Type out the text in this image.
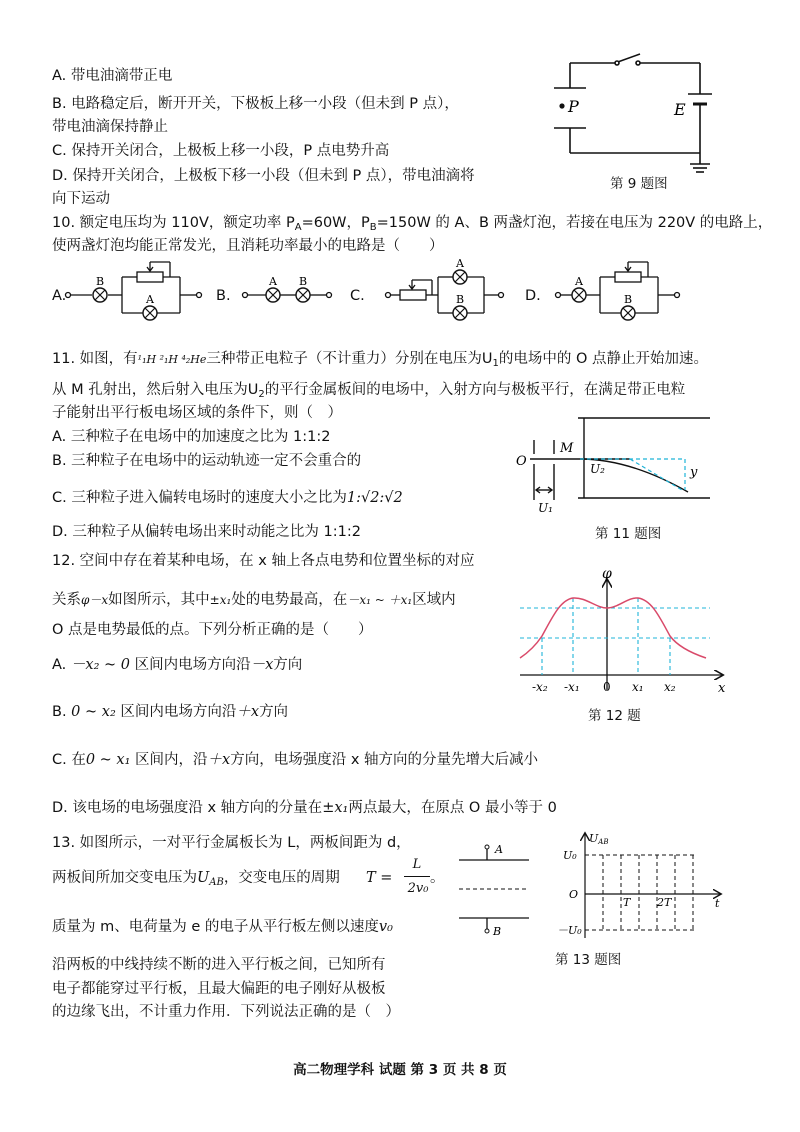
A. 带电油滴带正电
B. 电路稳定后，断开开关，下极板上移一小段（但未到 P 点），
带电油滴保持静止
C. 保持开关闭合，上极板上移一小段，P 点电势升高
D. 保持开关闭合，上极板下移一小段（但未到 P 点），带电油滴将
向下运动
P	E
第 9 题图
10. 额定电压均为 110V，额定功率 $P_A=60W$，$P_B=150W$ 的 A、B 两盏灯泡，若接在电压为 220V 的电路上，
使两盏灯泡均能正常发光，且消耗功率最小的电路是（　　）
B
A
A B
A
B
A
B
A.	B.	C.	D.
11. 如图，有¹₁H ²₁H ⁴₂He三种带正电粒子（不计重力）分别在电压为$U_1$的电场中的 O 点静止开始加速。
从 M 孔射出，然后射入电压为$U_2$的平行金属板间的电场中，入射方向与极板平行，在满足带正电粒
子能射出平行板电场区域的条件下，则（　）
A. 三种粒子在电场中的加速度之比为 1:1:2
B. 三种粒子在电场中的运动轨迹一定不会重合的
C. 三种粒子进入偏转电场时的速度大小之比为1:√2:√2
D. 三种粒子从偏转电场出来时动能之比为 1:1:2
O
M
U₂
U₁
y
第 11 题图
12. 空间中存在着某种电场，在 x 轴上各点电势和位置坐标的对应
关系φ－x如图所示，其中±x₁处的电势最高，在－x₁ ~ ＋x₁区域内
O 点是电势最低的点。下列分析正确的是（　　）
A. －x₂ ~ 0 区间内电场方向沿－x方向
B. 0 ~ x₂ 区间内电场方向沿＋x方向
C. 在0 ~ x₁ 区间内，沿＋x方向，电场强度沿 x 轴方向的分量先增大后减小
D. 该电场的电场强度沿 x 轴方向的分量在±x₁两点最大，在原点 O 最小等于 0
φ
x
-x₂ -x₁ 0 x₁ x₂
第 12 题
13. 如图所示，一对平行金属板长为 L，两板间距为 d，
两板间所加交变电压为$U_{AB}$，交变电压的周期 T =
L
2v₀
。
质量为 m、电荷量为 e 的电子从平行板左侧以速度v₀
沿两板的中线持续不断的进入平行板之间，已知所有
电子都能穿过平行板，且最大偏距的电子刚好从极板
的边缘飞出，不计重力作用．下列说法正确的是（　）
A
B
UAB
U₀
O
－U₀
T 2T	t
第 13 题图
高二物理学科 试题 第 3 页 共 8 页
